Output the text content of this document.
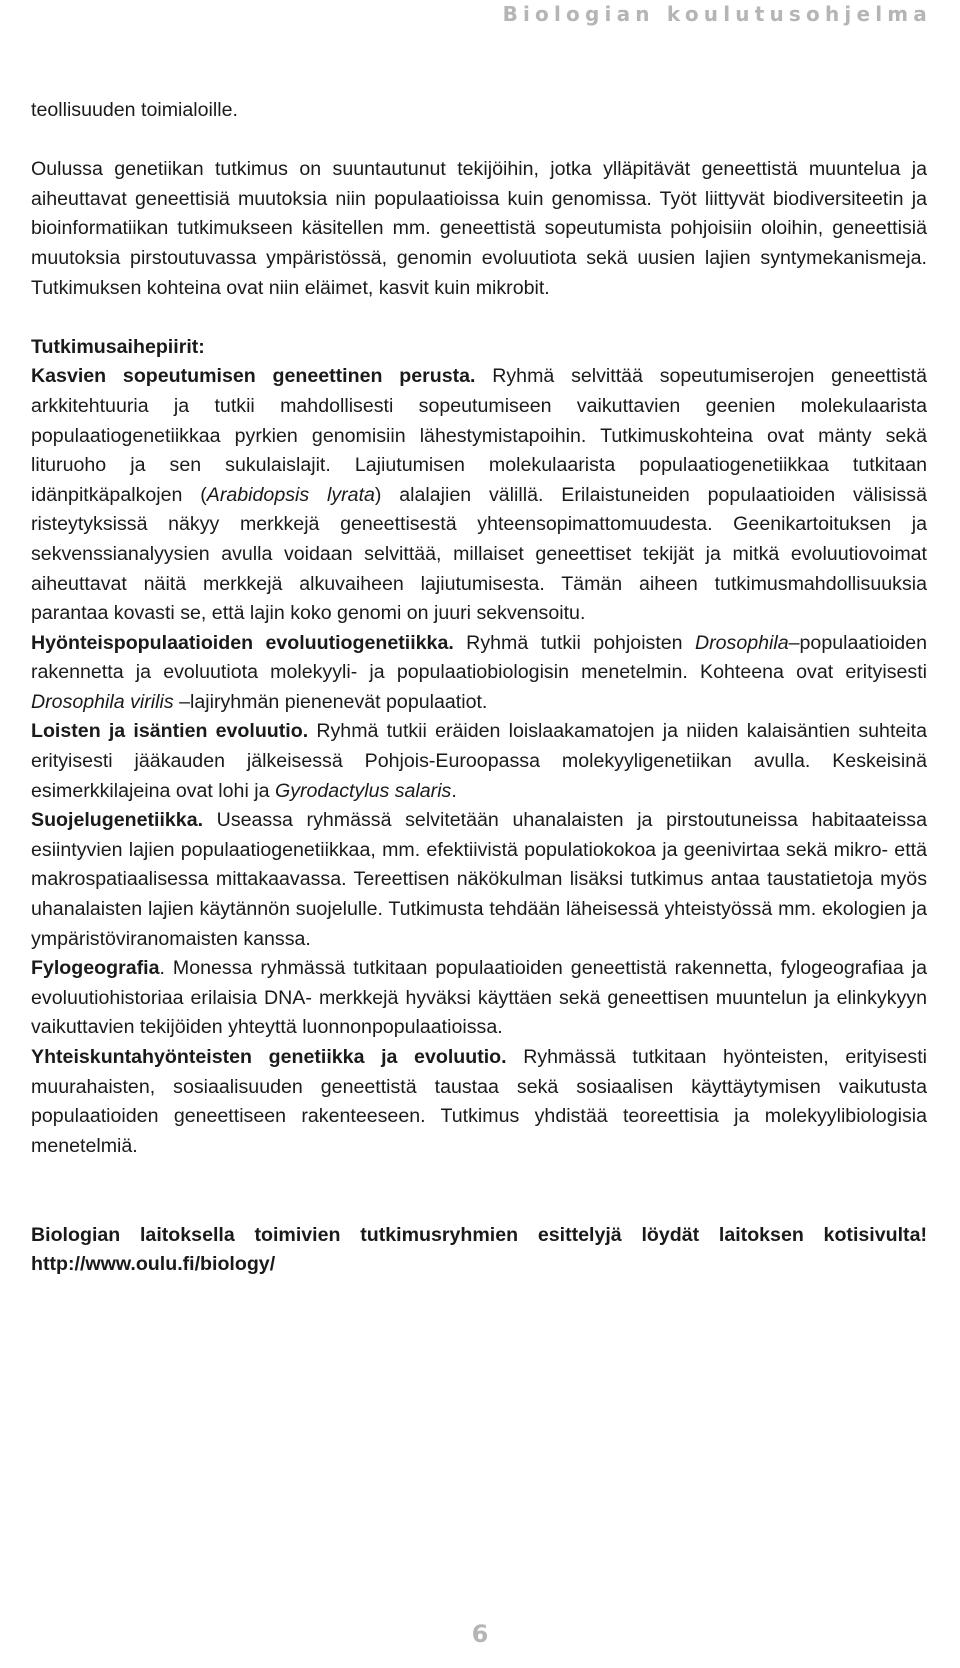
Biologian koulutusohjelma

teollisuuden toimialoille.

Oulussa genetiikan tutkimus on suuntautunut tekijöihin, jotka ylläpitävät geneettistä muuntelua ja aiheuttavat geneettisiä muutoksia niin populaatioissa kuin genomissa. Työt liittyvät biodiversiteetin ja bioinformatiikan tutkimukseen käsitellen mm. geneettistä sopeutumista pohjoisiin oloihin, geneettisiä muutoksia pirstoutuvassa ympäristössä, genomin evoluutiota sekä uusien lajien syntymekanismeja. Tutkimuksen kohteina ovat niin eläimet, kasvit kuin mikrobit.

Tutkimusaihepiirit:

Kasvien sopeutumisen geneettinen perusta. Ryhmä selvittää sopeutumiserojen geneettistä arkkitehtuuria ja tutkii mahdollisesti sopeutumiseen vaikuttavien geenien molekulaarista populaatiogenetiikkaa pyrkien genomisiin lähestymistapoihin. Tutkimuskohteina ovat mänty sekä lituruoho ja sen sukulaislajit. Lajiutumisen molekulaarista populaatiogenetiikkaa tutkitaan idänpitkäpalkojen (Arabidopsis lyrata) alalajien välillä. Erilaistuneiden populaatioiden välisissä risteytyksissä näkyy merkkejä geneettisestä yhteensopimattomuudesta. Geenikartoituksen ja sekvenssianalyysien avulla voidaan selvittää, millaiset geneettiset tekijät ja mitkä evoluutiovoimat aiheuttavat näitä merkkejä alkuvaiheen lajiutumisesta. Tämän aiheen tutkimusmahdollisuuksia parantaa kovasti se, että lajin koko genomi on juuri sekvensoitu.

Hyönteispopulaatioiden evoluutiogenetiikka. Ryhmä tutkii pohjoisten Drosophila–populaatioiden rakennetta ja evoluutiota molekyyli- ja populaatiobiologisin menetelmin. Kohteena ovat erityisesti Drosophila virilis –lajiryhmän pienenevät populaatiot.

Loisten ja isäntien evoluutio. Ryhmä tutkii eräiden loislaakamatojen ja niiden kalaisäntien suhteita erityisesti jääkauden jälkeisessä Pohjois-Euroopassa molekyyligenetiikan avulla. Keskeisinä esimerkkilajeina ovat lohi ja Gyrodactylus salaris.

Suojelugenetiikka. Useassa ryhmässä selvitetään uhanalaisten ja pirstoutuneissa habitaateissa esiintyvien lajien populaatiogenetiikkaa, mm. efektiivistä populatiokokoa ja geenivirtaa sekä mikro- että makrospatiaalisessa mittakaavassa. Tereettisen näkökulman lisäksi tutkimus antaa taustatietoja myös uhanalaisten lajien käytännön suojelulle. Tutkimusta tehdään läheisessä yhteistyössä mm. ekologien ja ympäristöviranomaisten kanssa.

Fylogeografia. Monessa ryhmässä tutkitaan populaatioiden geneettistä rakennetta, fylogeografiaa ja evoluutiohistoriaa erilaisia DNA- merkkejä hyväksi käyttäen sekä geneettisen muuntelun ja elinkykyyn vaikuttavien tekijöiden yhteyttä luonnonpopulaatioissa.

Yhteiskuntahyönteisten genetiikka ja evoluutio. Ryhmässä tutkitaan hyönteisten, erityisesti muurahaisten, sosiaalisuuden geneettistä taustaa sekä sosiaalisen käyttäytymisen vaikutusta populaatioiden geneettiseen rakenteeseen. Tutkimus yhdistää teoreettisia ja molekyylibiologisia menetelmiä.

Biologian laitoksella toimivien tutkimusryhmien esittelyjä löydät laitoksen kotisivulta! http://www.oulu.fi/biology/

6
